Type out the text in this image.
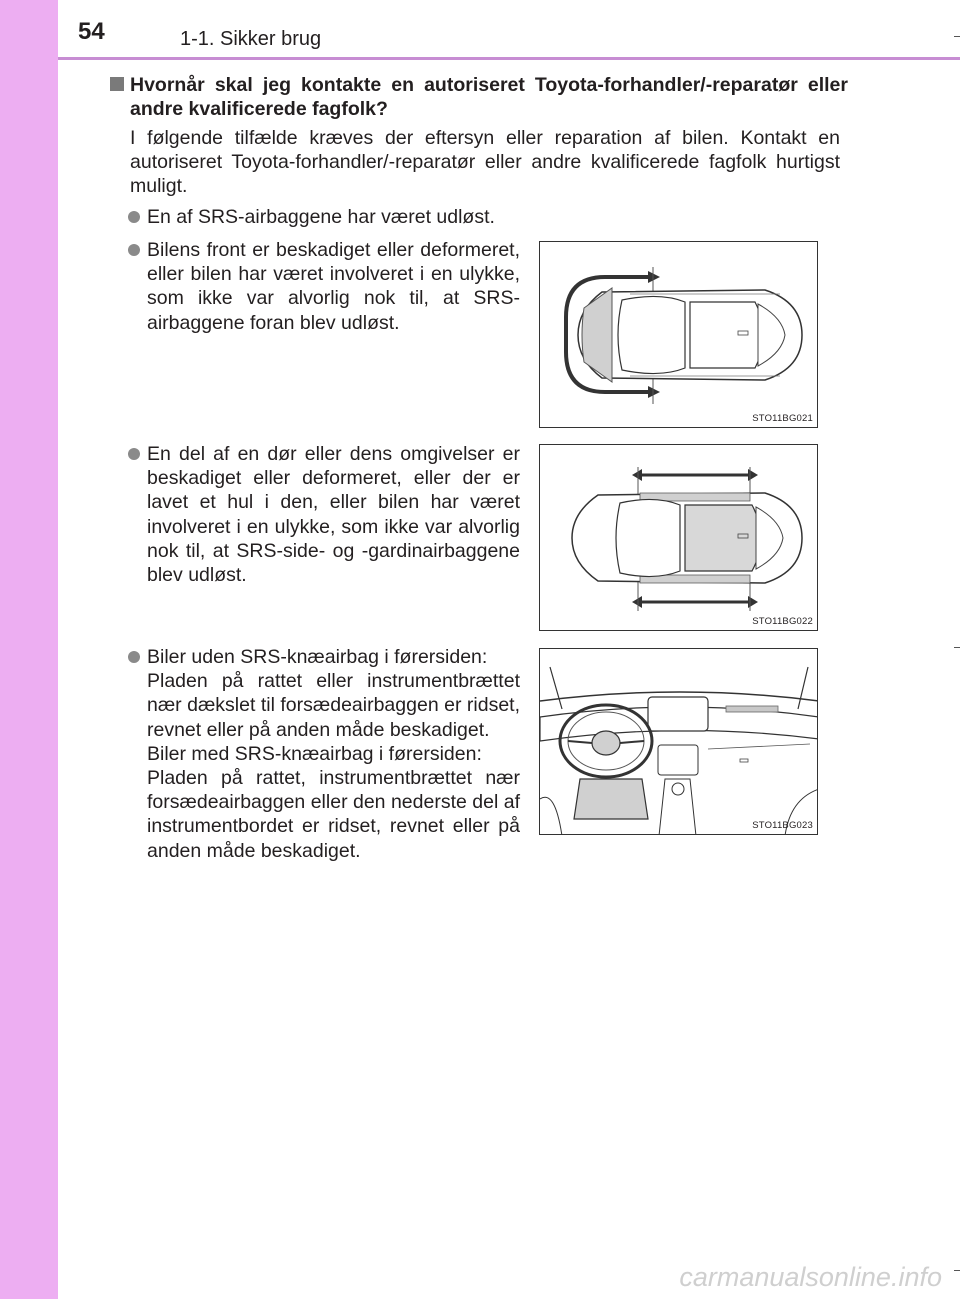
54	1-1. Sikker brug
Hvornår skal jeg kontakte en autoriseret Toyota-forhandler/-reparatør eller andre kvalificerede fagfolk?
I følgende tilfælde kræves der eftersyn eller reparation af bilen. Kontakt en autoriseret Toyota-forhandler/-reparatør eller andre kvalificerede fagfolk hurtigst muligt.
En af SRS-airbaggene har været udløst.
Bilens front er beskadiget eller deformeret, eller bilen har været involveret i en ulykke, som ikke var alvorlig nok til, at SRS-airbaggene foran blev udløst.
En del af en dør eller dens omgivelser er beskadiget eller deformeret, eller der er lavet et hul i den, eller bilen har været involveret i en ulykke, som ikke var alvorlig nok til, at SRS-side- og -gardinairbaggene blev udløst.
Biler uden SRS-knæairbag i førersiden:
Pladen på rattet eller instrumentbrættet nær dækslet til forsædeairbaggen er ridset, revnet eller på anden måde beskadiget.
Biler med SRS-knæairbag i førersiden:
Pladen på rattet, instrumentbrættet nær forsædeairbaggen eller den nederste del af instrumentbordet er ridset, revnet eller på anden måde beskadiget.
STO11BG021
STO11BG022
STO11BG023
carmanualsonline.info
